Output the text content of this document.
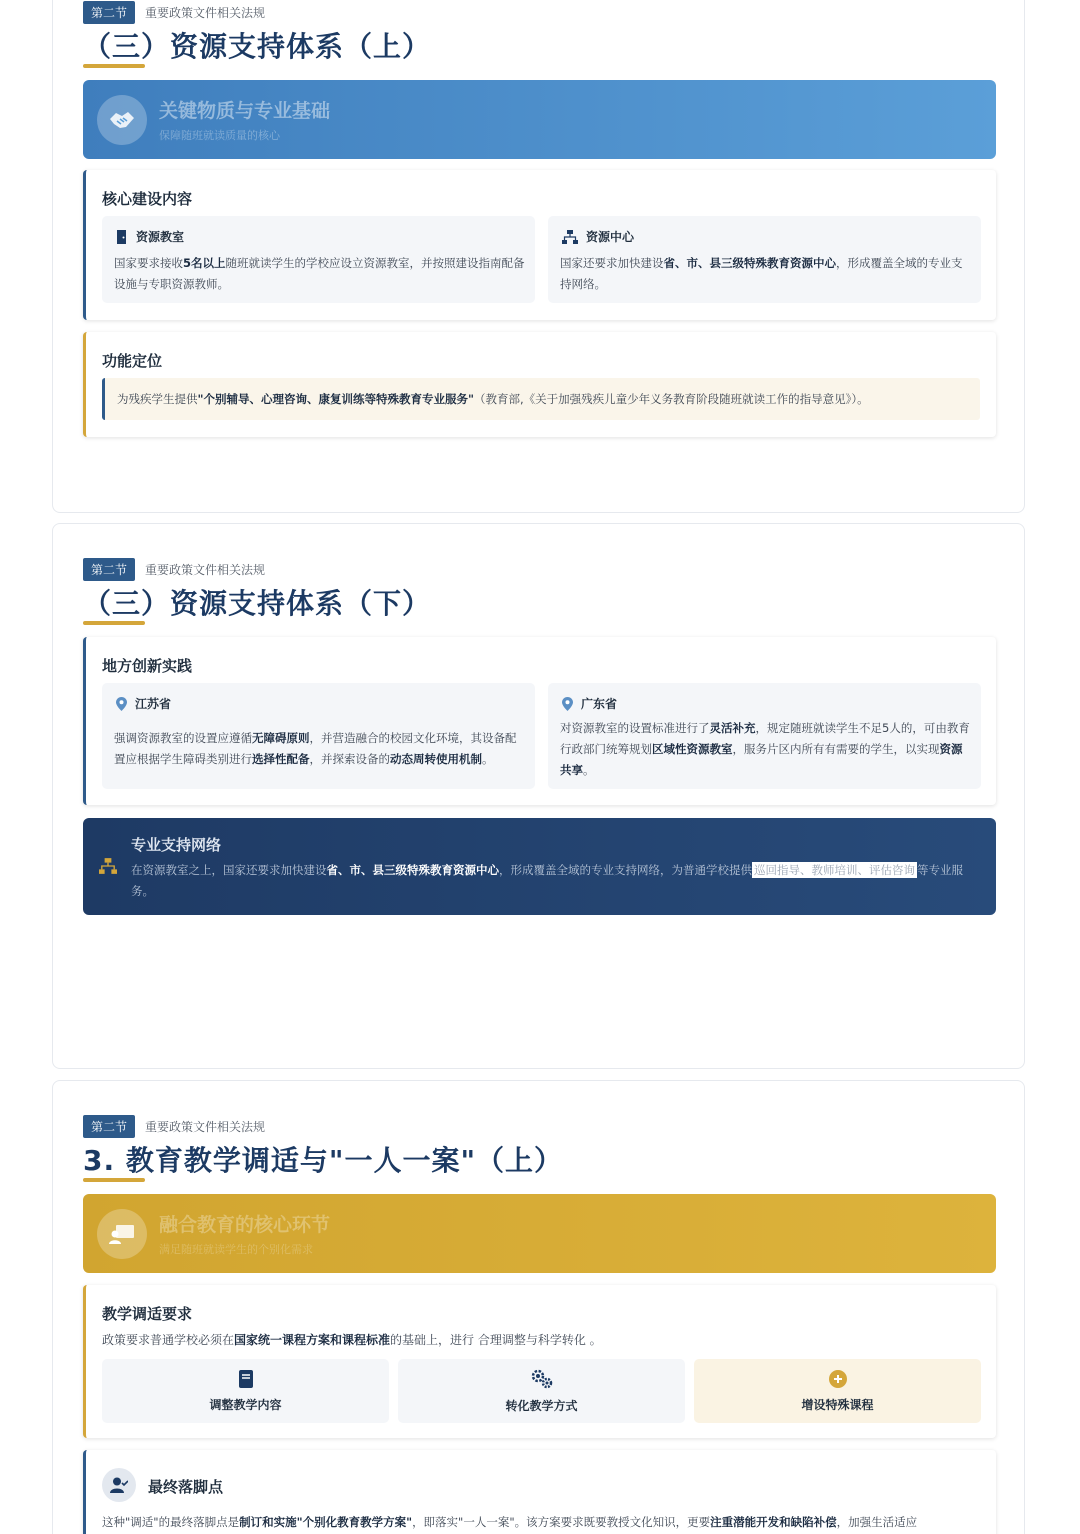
第二节	重要政策文件相关法规
（三）资源支持体系（上）
关键物质与专业基础
保障随班就读质量的核心
核心建设内容
资源教室
国家要求接收5名以上随班就读学生的学校应设立资源教室，并按照建设指南配备设施与专职资源教师。
资源中心
国家还要求加快建设省、市、县三级特殊教育资源中心，形成覆盖全域的专业支持网络。
功能定位
为残疾学生提供"个别辅导、心理咨询、康复训练等特殊教育专业服务"（教育部,《关于加强残疾儿童少年义务教育阶段随班就读工作的指导意见》）。
第二节	重要政策文件相关法规
（三）资源支持体系（下）
地方创新实践
江苏省
强调资源教室的设置应遵循无障碍原则，并营造融合的校园文化环境，其设备配置应根据学生障碍类别进行选择性配备，并探索设备的动态周转使用机制。
广东省
对资源教室的设置标准进行了灵活补充，规定随班就读学生不足5人的，可由教育行政部门统筹规划区域性资源教室，服务片区内所有有需要的学生，以实现资源共享。
专业支持网络
在资源教室之上，国家还要求加快建设省、市、县三级特殊教育资源中心，形成覆盖全域的专业支持网络，为普通学校提供 巡回指导、教师培训、评估咨询 等专业服务。
第二节	重要政策文件相关法规
3. 教育教学调适与"一人一案"（上）
融合教育的核心环节
满足随班就读学生的个别化需求
教学调适要求
政策要求普通学校必须在国家统一课程方案和课程标准的基础上，进行 合理调整与科学转化 。
调整教学内容	转化教学方式	增设特殊课程
最终落脚点
这种"调适"的最终落脚点是制订和实施"个别化教育教学方案"，即落实"一人一案"。该方案要求既要教授文化知识，更要注重潜能开发和缺陷补偿，加强生活适应
